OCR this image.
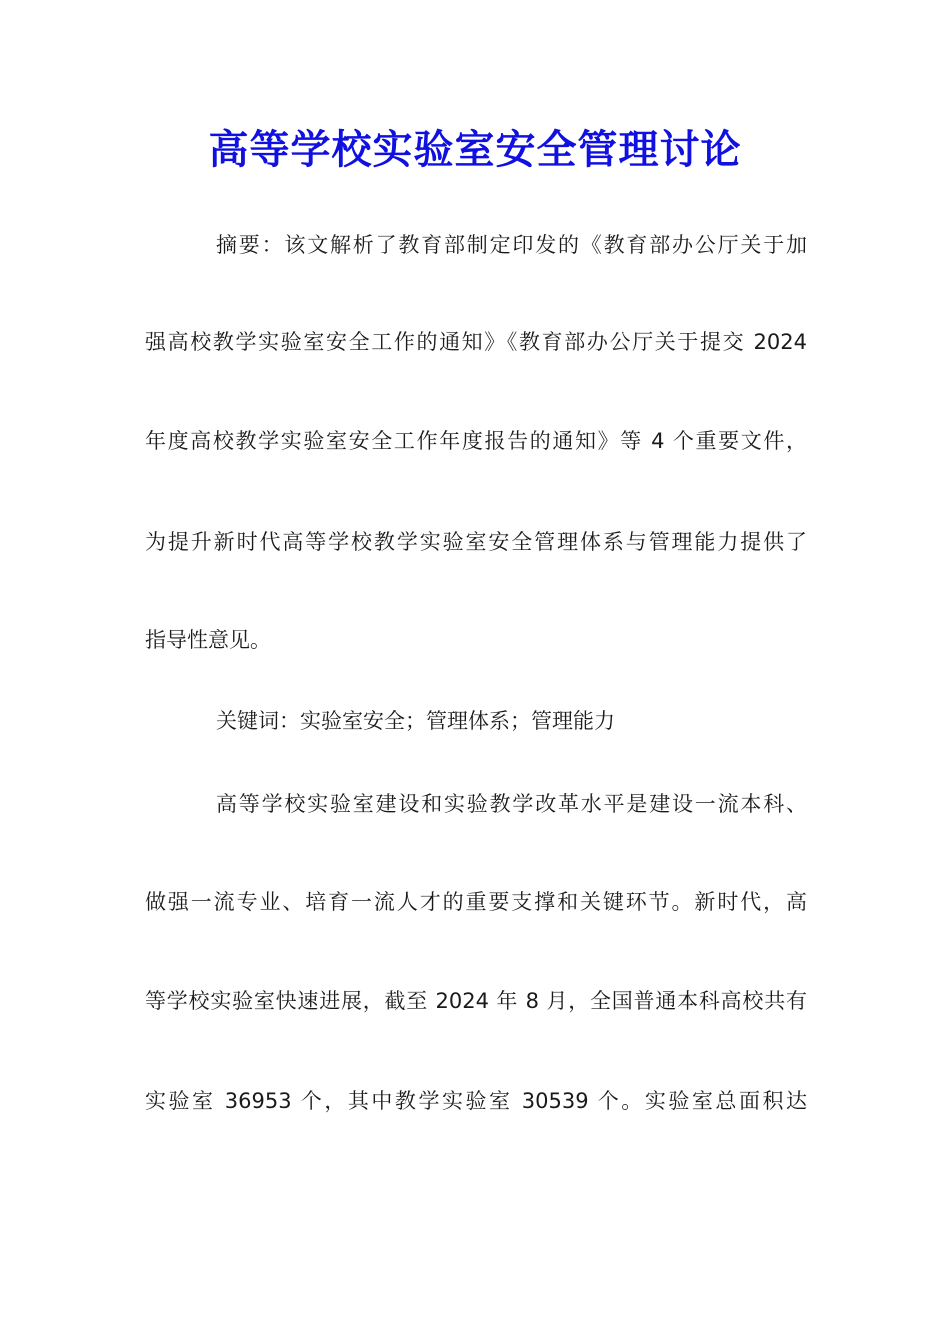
高等学校实验室安全管理讨论
摘要：该文解析了教育部制定印发的《教育部办公厅关于加
强高校教学实验室安全工作的通知》《教育部办公厅关于提交 2024
年度高校教学实验室安全工作年度报告的通知》等 4 个重要文件，
为提升新时代高等学校教学实验室安全管理体系与管理能力提供了
指导性意见。
关键词：实验室安全；管理体系；管理能力
高等学校实验室建设和实验教学改革水平是建设一流本科、
做强一流专业、培育一流人才的重要支撑和关键环节。新时代，高
等学校实验室快速进展，截至 2024 年 8 月，全国普通本科高校共有
实验室 36953 个，其中教学实验室 30539 个。实验室总面积达
